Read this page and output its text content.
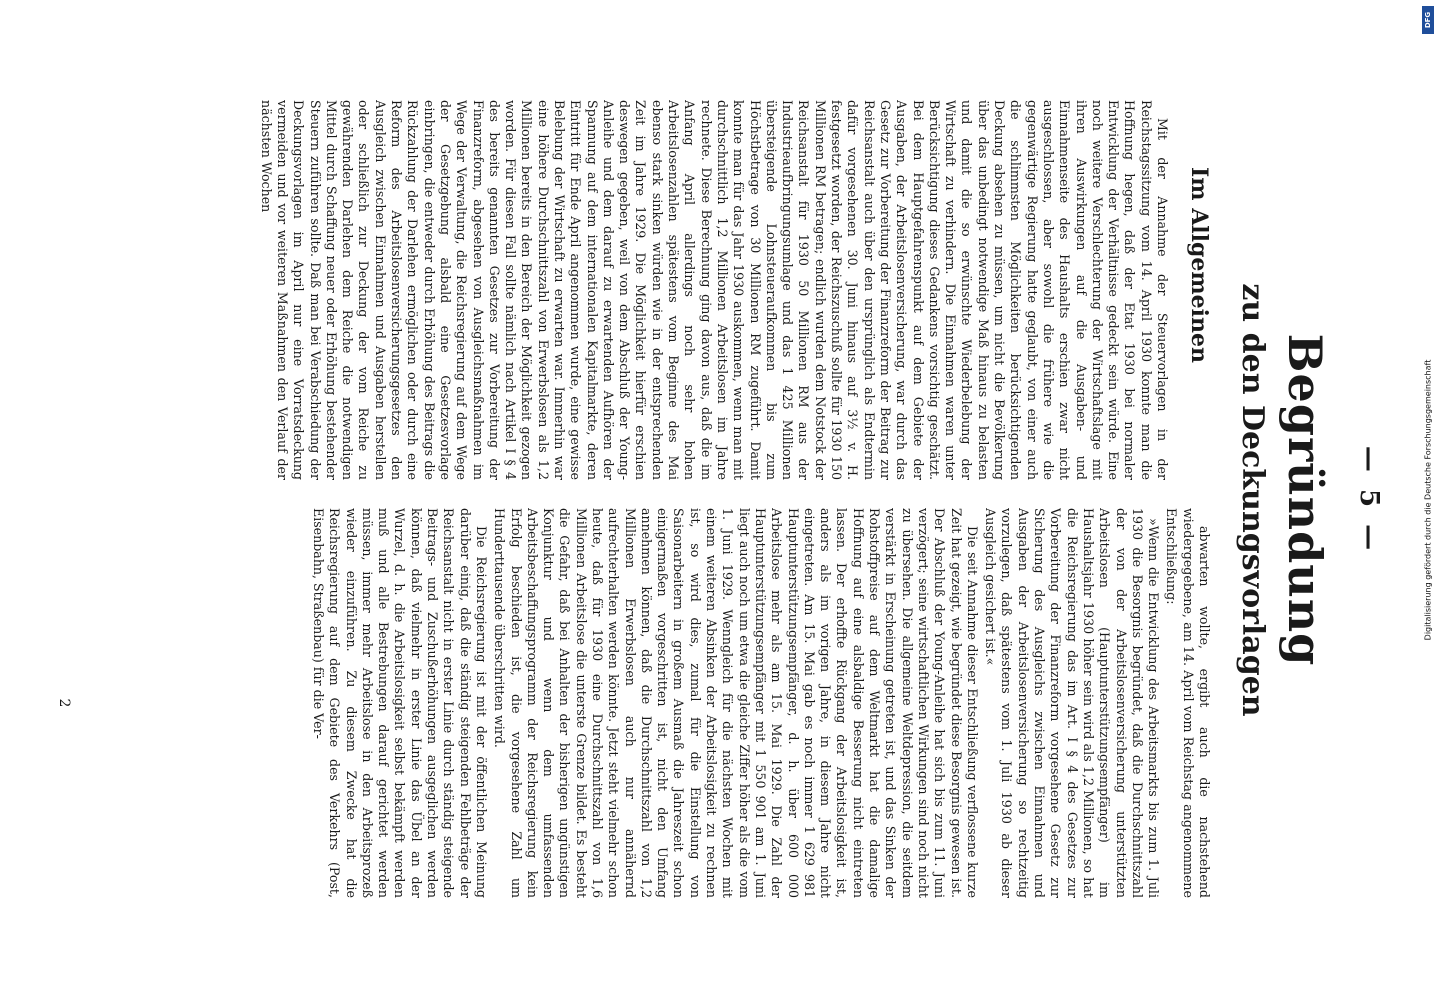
— 5 —
Begründung
zu den Deckungsvorlagen
Im Allgemeinen

Mit der Annahme der Steuervorlagen in der Reichstagssitzung vom 14. April 1930 konnte man die Hoffnung hegen, daß der Etat 1930 bei normaler Entwicklung der Verhältnisse gedeckt sein würde. Eine noch weitere Verschlechterung der Wirtschaftslage mit ihren Auswirkungen auf die Ausgaben- und Einnahmenseite des Haushalts erschien zwar nicht ausgeschlossen, aber sowohl die frühere wie die gegenwärtige Regierung hatte geglaubt, von einer auch die schlimmsten Möglichkeiten berücksichtigenden Deckung absehen zu müssen, um nicht die Bevölkerung über das unbedingt notwendige Maß hinaus zu belasten und damit die so erwünschte Wiederbelebung der Wirtschaft zu verhindern. Die Einnahmen waren unter Berücksichtigung dieses Gedankens vorsichtig geschätzt. Bei dem Hauptgefahrenspunkt auf dem Gebiete der Ausgaben, der Arbeitslosenversicherung, war durch das Gesetz zur Vorbereitung der Finanzreform der Beitrag zur Reichsanstalt auch über den ursprünglich als Endtermin dafür vorgesehenen 30. Juni hinaus auf 3½ v. H. festgesetzt worden, der Reichszuschuß sollte für 1930 150 Millionen RM betragen; endlich wurden dem Notstock der Reichsanstalt für 1930 50 Millionen RM aus der Industrieaufbringungsumlage und das 1 425 Millionen übersteigende Lohnsteueraufkommen bis zum Höchstbetrage von 30 Millionen RM zugeführt. Damit konnte man für das Jahr 1930 auskommen, wenn man mit durchschnittlich 1,2 Millionen Arbeitslosen im Jahre rechnete. Diese Berechnung ging davon aus, daß die im Anfang April allerdings noch sehr hohen Arbeitslosenzahlen spätestens vom Beginne des Mai ebenso stark sinken würden wie in der entsprechenden Zeit im Jahre 1929. Die Möglichkeit hierfür erschien deswegen gegeben, weil von dem Abschluß der Young-Anleihe und dem darauf zu erwartenden Aufhören der Spannung auf dem internationalen Kapitalmarkte, deren Eintritt für Ende April angenommen wurde, eine gewisse Belebung der Wirtschaft zu erwarten war. Immerhin war eine höhere Durchschnittszahl von Erwerbslosen als 1,2 Millionen bereits in den Bereich der Möglichkeit gezogen worden. Für diesen Fall sollte nämlich nach Artikel I § 4 des bereits genannten Gesetzes zur Vorbereitung der Finanzreform, abgesehen von Ausgleichsmaßnahmen im Wege der Verwaltung, die Reichsregierung auf dem Wege der Gesetzgebung alsbald eine Gesetzesvorlage einbringen, die entweder durch Erhöhung des Beitrags die Rückzahlung der Darlehen ermöglichen oder durch eine Reform des Arbeitslosenversicherungsgesetzes den Ausgleich zwischen Einnahmen und Ausgaben herstellen oder schließlich zur Deckung der vom Reiche zu gewährenden Darlehen dem Reiche die notwendigen Mittel durch Schaffung neuer oder Erhöhung bestehender Steuern zuführen sollte. Daß man bei Verabschiedung der Deckungsvorlagen im April nur eine Vorratsdeckung vermeiden und vor weiteren Maßnahmen den Verlauf der nächsten Wochen

abwarten wollte, ergibt auch die nachstehend wiedergegebene, am 14. April vom Reichstag angenommene Entschließung:

»Wenn die Entwicklung des Arbeitsmarkts bis zum 1. Juli 1930 die Besorgnis begründet, daß die Durchschnittszahl der von der Arbeitslosenversicherung unterstützten Arbeitslosen (Hauptunterstützungsempfänger) im Haushaltsjahr 1930 höher sein wird als 1,2 Millionen, so hat die Reichsregierung das im Art. I § 4 des Gesetzes zur Vorbereitung der Finanzreform vorgesehene Gesetz zur Sicherung des Ausgleichs zwischen Einnahmen und Ausgaben der Arbeitslosenversicherung so rechtzeitig vorzulegen, daß spätestens vom 1. Juli 1930 ab dieser Ausgleich gesichert ist.«

Die seit Annahme dieser Entschließung verflossene kurze Zeit hat gezeigt, wie begründet diese Besorgnis gewesen ist. Der Abschluß der Young-Anleihe hat sich bis zum 11. Juni verzögert; seine wirtschaftlichen Wirkungen sind noch nicht zu übersehen. Die allgemeine Weltdepression, die seitdem verstärkt in Erscheinung getreten ist, und das Sinken der Rohstoffpreise auf dem Weltmarkt hat die damalige Hoffnung auf eine alsbaldige Besserung nicht eintreten lassen. Der erhoffte Rückgang der Arbeitslosigkeit ist, anders als im vorigen Jahre, in diesem Jahre nicht eingetreten. Am 15. Mai gab es noch immer 1 629 981 Hauptunterstützungsempfänger, d. h. über 600 000 Arbeitslose mehr als am 15. Mai 1929. Die Zahl der Hauptunterstützungsempfänger mit 1 550 901 am 1. Juni liegt auch noch um etwa die gleiche Ziffer höher als die vom 1. Juni 1929. Wenngleich für die nächsten Wochen mit einem weiteren Absinken der Arbeitslosigkeit zu rechnen ist, so wird dies, zumal für die Einstellung von Saisonarbeitern in großem Ausmaß die Jahreszeit schon einigermaßen vorgeschritten ist, nicht den Umfang annehmen können, daß die Durchschnittszahl von 1,2 Millionen Erwerbslosen auch nur annähernd aufrechterhalten werden könnte. Jetzt steht vielmehr schon heute, daß für 1930 eine Durchschnittszahl von 1,6 Millionen Arbeitslose die unterste Grenze bildet. Es besteht die Gefahr, daß bei Anhalten der bisherigen ungünstigen Konjunktur und wenn dem umfassenden Arbeitsbeschaffungsprogramm der Reichsregierung kein Erfolg beschieden ist, die vorgesehene Zahl um Hunderttausende überschritten wird.

Die Reichsregierung ist mit der öffentlichen Meinung darüber einig, daß die ständig steigenden Fehlbeträge der Reichsanstalt nicht in erster Linie durch ständig steigende Beitrags- und Zuschußerhöhungen ausgeglichen werden können, daß vielmehr in erster Linie das Übel an der Wurzel, d. h. die Arbeitslosigkeit selbst bekämpft werden muß und alle Bestrebungen darauf gerichtet werden müssen, immer mehr Arbeitslose in den Arbeitsprozeß wieder einzuführen. Zu diesem Zwecke hat die Reichsregierung auf dem Gebiete des Verkehrs (Post, Eisenbahn, Straßenbau) für die Ver-

2
DFG
Digitalisierung gefördert durch die Deutsche Forschungsgemeinschaft
